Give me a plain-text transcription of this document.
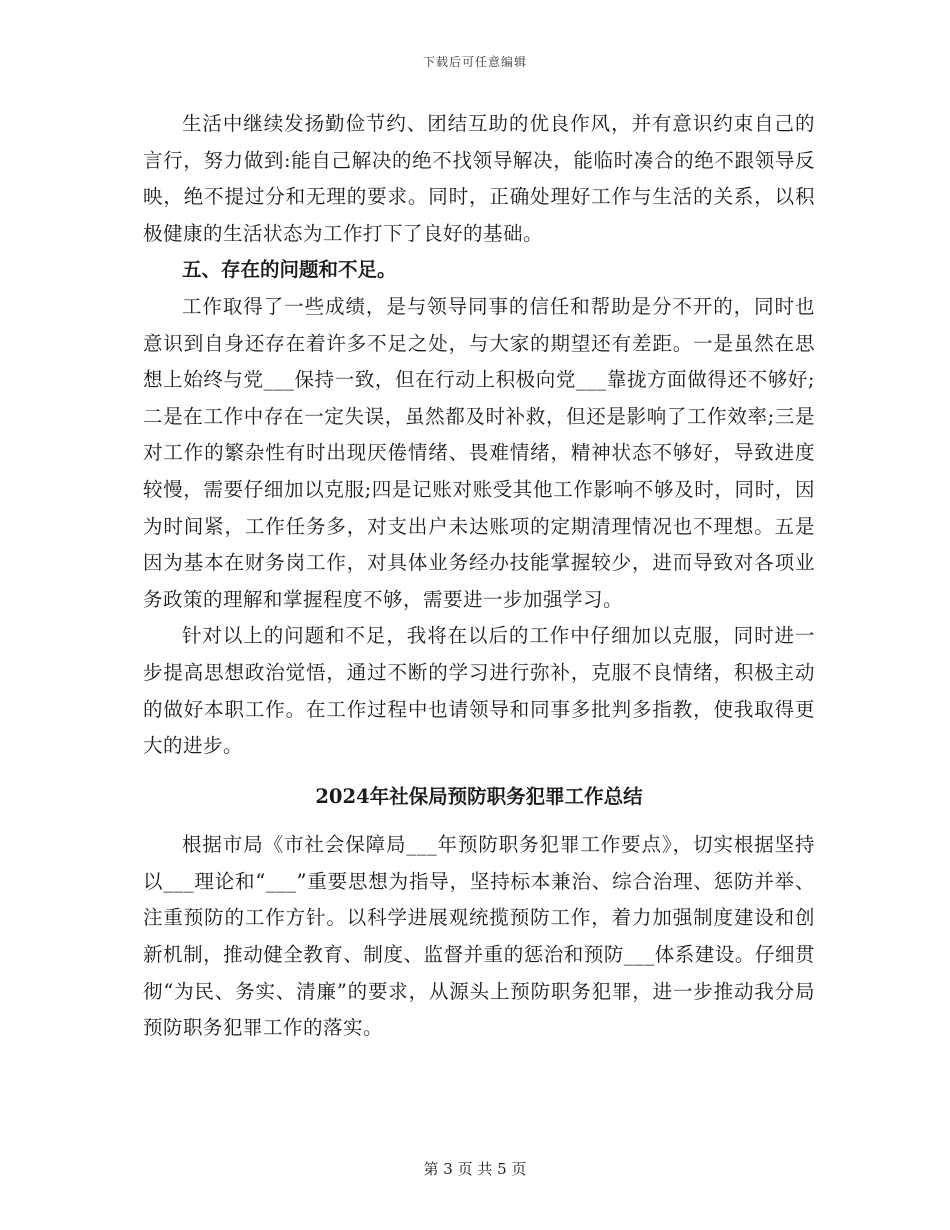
下载后可任意编辑

生活中继续发扬勤俭节约、团结互助的优良作风，并有意识约束自己的言行，努力做到:能自己解决的绝不找领导解决，能临时凑合的绝不跟领导反映，绝不提过分和无理的要求。同时，正确处理好工作与生活的关系，以积极健康的生活状态为工作打下了良好的基础。

五、存在的问题和不足。

工作取得了一些成绩，是与领导同事的信任和帮助是分不开的，同时也意识到自身还存在着许多不足之处，与大家的期望还有差距。一是虽然在思想上始终与党___保持一致，但在行动上积极向党___靠拢方面做得还不够好;二是在工作中存在一定失误，虽然都及时补救，但还是影响了工作效率;三是对工作的繁杂性有时出现厌倦情绪、畏难情绪，精神状态不够好，导致进度较慢，需要仔细加以克服;四是记账对账受其他工作影响不够及时，同时，因为时间紧，工作任务多，对支出户未达账项的定期清理情况也不理想。五是因为基本在财务岗工作，对具体业务经办技能掌握较少，进而导致对各项业务政策的理解和掌握程度不够，需要进一步加强学习。

针对以上的问题和不足，我将在以后的工作中仔细加以克服，同时进一步提高思想政治觉悟，通过不断的学习进行弥补，克服不良情绪，积极主动的做好本职工作。在工作过程中也请领导和同事多批判多指教，使我取得更大的进步。

2024年社保局预防职务犯罪工作总结

根据市局《市社会保障局___年预防职务犯罪工作要点》，切实根据坚持以___理论和“___”重要思想为指导，坚持标本兼治、综合治理、惩防并举、注重预防的工作方针。以科学进展观统揽预防工作，着力加强制度建设和创新机制，推动健全教育、制度、监督并重的惩治和预防___体系建设。仔细贯彻“为民、务实、清廉”的要求，从源头上预防职务犯罪，进一步推动我分局预防职务犯罪工作的落实。

第 3 页 共 5 页
